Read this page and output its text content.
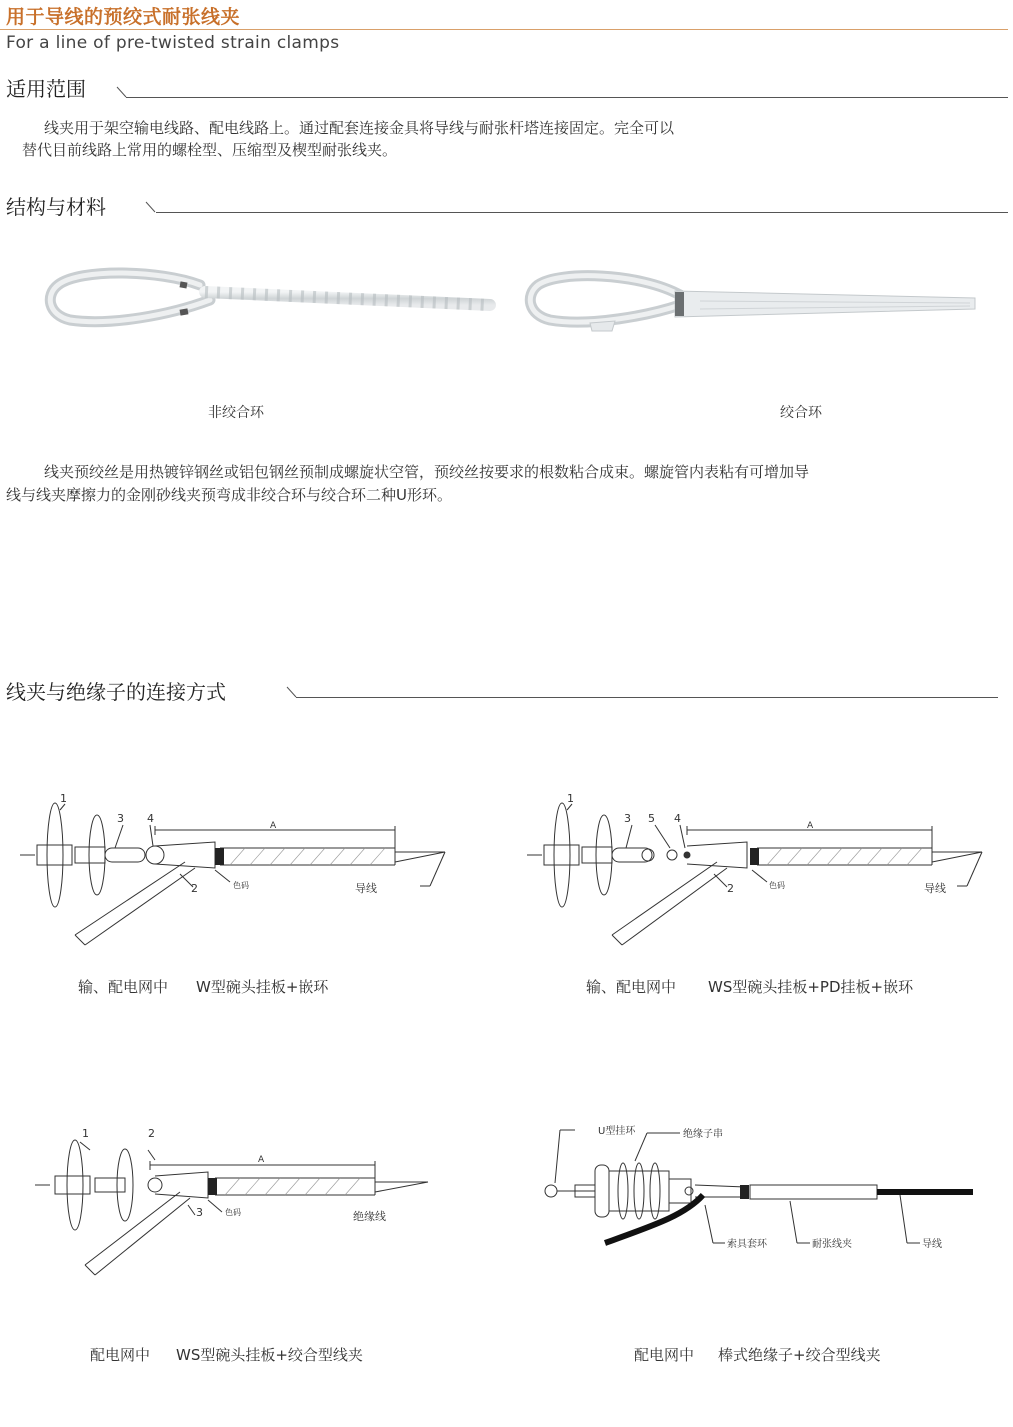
用于导线的预绞式耐张线夹
For a line of pre-twisted strain clamps
适用范围
线夹用于架空输电线路、配电线路上。通过配套连接金具将导线与耐张杆塔连接固定。完全可以
替代目前线路上常用的螺栓型、压缩型及楔型耐张线夹。
结构与材料
非绞合环	绞合环
线夹预绞丝是用热镀锌钢丝或铝包钢丝预制成螺旋状空管，预绞丝按要求的根数粘合成束。螺旋管内表粘有可增加导
线与线夹摩擦力的金刚砂线夹预弯成非绞合环与绞合环二种U形环。
线夹与绝缘子的连接方式
1
3 4
A
2	色码	导线
输、配电网中 W型碗头挂板+嵌环
1
3 5 4
A
2	色码	导线
输、配电网中 WS型碗头挂板+PD挂板+嵌环
1	2
A
3	色码	绝缘线
配电网中 WS型碗头挂板+绞合型线夹
U型挂环	绝缘子串
索具套环	耐张线夹	导线
配电网中 棒式绝缘子+绞合型线夹
